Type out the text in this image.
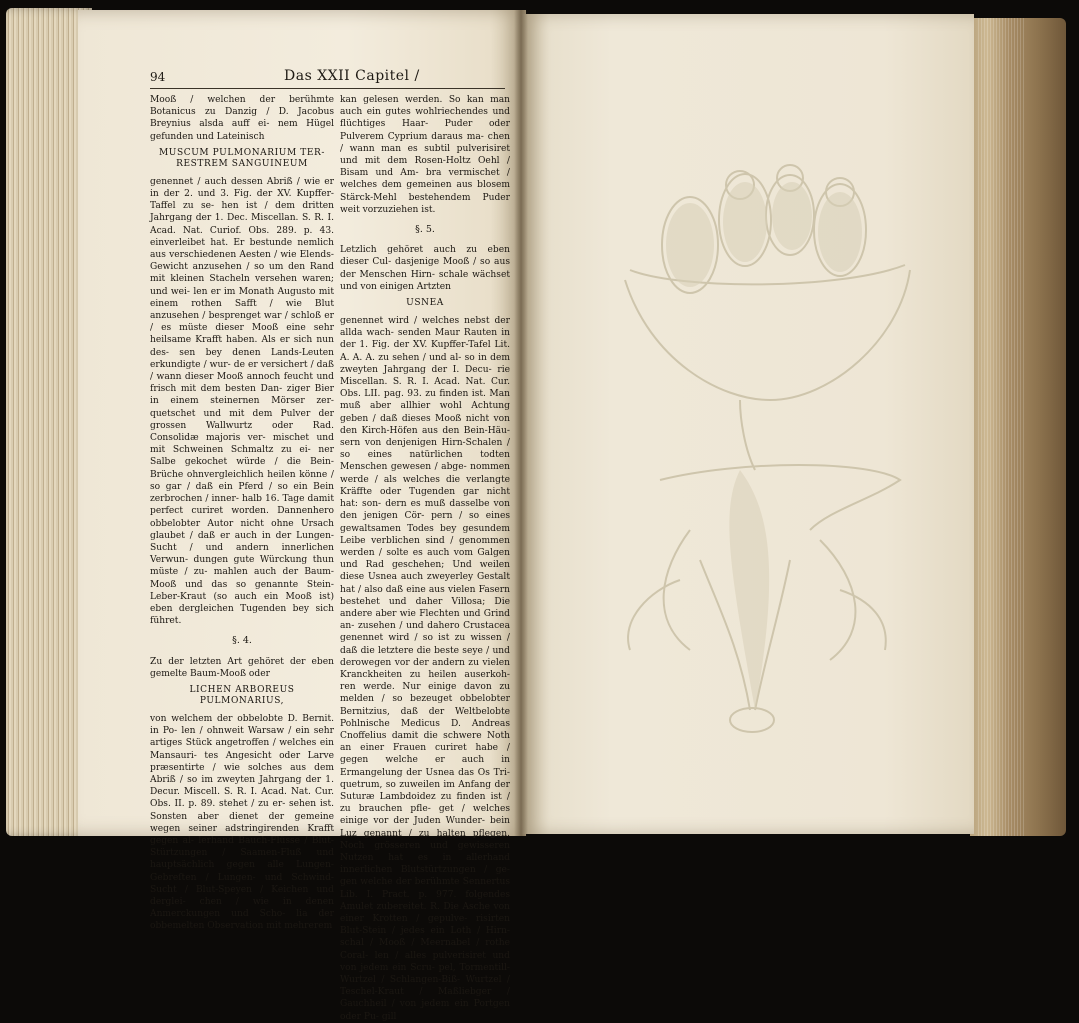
94	Das XXII Capitel /

Mooß / welchen der berühmte Botanicus zu Danzig / D. Jacobus Breynius alsda auff ei- nem Hügel gefunden und Lateinisch

MUSCUM PULMONARIUM TER- RESTREM SANGUINEUM

genennet / auch dessen Abriß / wie er in der 2. und 3. Fig. der XV. Kupffer-Taffel zu se- hen ist / dem dritten Jahrgang der 1. Dec. Miscellan. S. R. I. Acad. Nat. Curiof. Obs. 289. p. 43. einverleibet hat. Er bestunde nemlich aus verschiedenen Aesten / wie Elends- Gewicht anzusehen / so um den Rand mit kleinen Stacheln versehen waren; und wei- len er im Monath Augusto mit einem rothen Safft / wie Blut anzusehen / besprenget war / schloß er / es müste dieser Mooß eine sehr heilsame Krafft haben. Als er sich nun des- sen bey denen Lands-Leuten erkundigte / wur- de er versichert / daß / wann dieser Mooß annoch feucht und frisch mit dem besten Dan- ziger Bier in einem steinernen Mörser zer- quetschet und mit dem Pulver der grossen Wallwurtz oder Rad. Consolidæ majoris ver- mischet und mit Schweinen Schmaltz zu ei- ner Salbe gekochet würde / die Bein-Brüche ohnvergleichlich heilen könne / so gar / daß ein Pferd / so ein Bein zerbrochen / inner- halb 16. Tage damit perfect curiret worden. Dannenhero obbelobter Autor nicht ohne Ursach glaubet / daß er auch in der Lungen- Sucht / und andern innerlichen Verwun- dungen gute Würckung thun müste / zu- mahlen auch der Baum-Mooß und das so genannte Stein-Leber-Kraut (so auch ein Mooß ist) eben dergleichen Tugenden bey sich führet.

§. 4.

Zu der letzten Art gehöret der eben gemelte Baum-Mooß oder

LICHEN ARBOREUS PULMONARIUS,

von welchem der obbelobte D. Bernit. in Po- len / ohnweit Warsaw / ein sehr artiges Stück angetroffen / welches ein Mansauri- tes Angesicht oder Larve præsentirte / wie solches aus dem Abriß / so im zweyten Jahrgang der 1. Decur. Miscell. S. R. I. Acad. Nat. Cur. Obs. II. p. 89. stehet / zu er- sehen ist. Sonsten aber dienet der gemeine wegen seiner adstringirenden Krafft gegen al- lerhand Bauch-Flüsse / Blut-Stürtzungen / Saamen-Fluß und hauptsächlich gegen alle Lungen-Gebreſten / Lungen- und Schwind- Sucht / Blut-Speyen / Keichen und derglei- chen / wie in denen Anmerckungen und Scho- lia der obbemelten Observation mit mehrerem

kan gelesen werden. So kan man auch ein gutes wohlriechendes und flüchtiges Haar- Puder oder Pulverem Cyprium daraus ma- chen / wann man es subtil pulverisiret und mit dem Rosen-Holtz Oehl / Bisam und Am- bra vermischet / welches dem gemeinen aus blosem Stärck-Mehl bestehendem Puder weit vorzuziehen ist.

§. 5.

Letzlich gehöret auch zu eben dieser Cul- dasjenige Mooß / so aus der Menschen Hirn- schale wächset und von einigen Artzten

USNEA

genennet wird / welches nebst der allda wach- senden Maur Rauten in der 1. Fig. der XV. Kupffer-Tafel Lit. A. A. A. zu sehen / und al- so in dem zweyten Jahrgang der I. Decu- rie Miscellan. S. R. I. Acad. Nat. Cur. Obs. LII. pag. 93. zu finden ist. Man muß aber allhier wohl Achtung geben / daß dieses Mooß nicht von den Kirch-Höfen aus den Bein-Häu- sern von denjenigen Hirn-Schalen / so eines natürlichen todten Menschen gewesen / abge- nommen werde / als welches die verlangte Kräffte oder Tugenden gar nicht hat: son- dern es muß dasselbe von den jenigen Cör- pern / so eines gewaltsamen Todes bey gesundem Leibe verblichen sind / genommen werden / solte es auch vom Galgen und Rad geschehen; Und weilen diese Usnea auch zweyerley Gestalt hat / also daß eine aus vielen Fasern bestehet und daher Villosa; Die andere aber wie Flechten und Grind an- zusehen / und dahero Crustacea genennet wird / so ist zu wissen / daß die letztere die beste seye / und derowegen vor der andern zu vielen Kranckheiten zu heilen auserkoh- ren werde. Nur einige davon zu melden / so bezeuget obbelobter Bernitzius, daß der Weltbelobte Pohlnische Medicus D. Andreas Cnoffelius damit die schwere Noth an einer Frauen curiret habe / gegen welche er auch in Ermangelung der Usnea das Os Tri- quetrum, so zuweilen im Anfang der Suturæ Lambdoidez zu finden ist / zu brauchen pfle- get / welches einige vor der Juden Wunder- bein Luz genannt / zu halten pflegen. Noch grösseren und gewisseren Nutzen hat es in allerhand innerlichen Blutstürtzungen / ge- gen welche der berühmte Sennertus Lib. I. Pract. p. 977. folgendes Amulet zubereitet. R. Die Asche von einer Krotten / gepulve- risirten Blut-Stein / jedes ein Loth / Hirn- schal / Mooß / Meernabel / rothe Coral- len / alles pulverisiret und von jedem ein Scru- pel, Tormentill-Wurtzel / Schlangen-Biß- Wurtzel / Teschel-Kraut / Maßliebger / Gauchheil / von jedem ein Portgen oder Pu- gill
